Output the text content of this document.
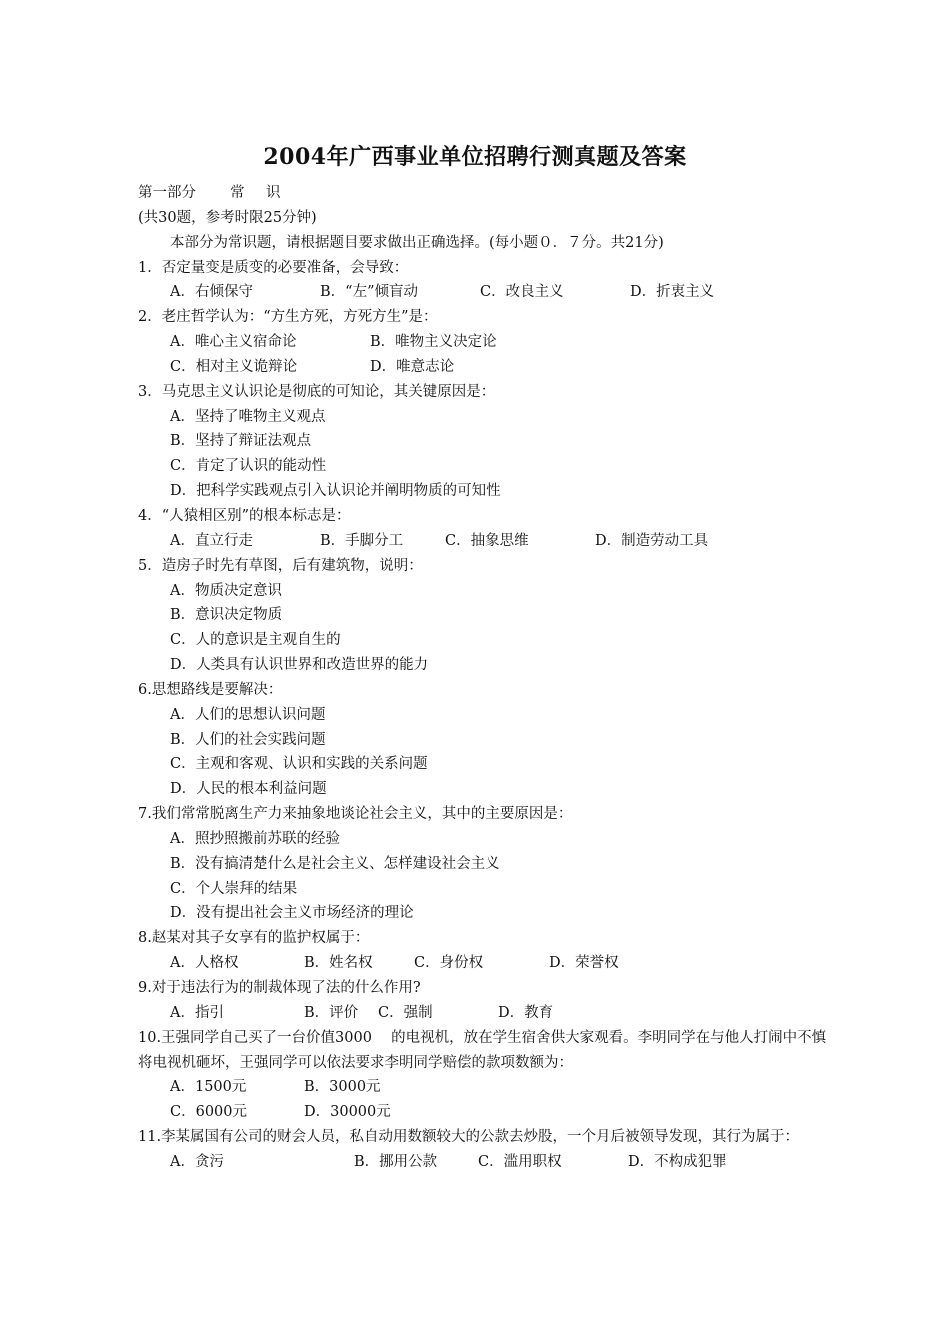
2004年广西事业单位招聘行测真题及答案
第一部分 常 识
(共30题，参考时限25分钟)
本部分为常识题，请根据题目要求做出正确选择。(每小题０．７分。共21分)
1．否定量变是质变的必要准备，会导致：
A．右倾保守	B．“左”倾盲动	C．改良主义	D．折衷主义
2．老庄哲学认为：“方生方死，方死方生”是：
A．唯心主义宿命论	B．唯物主义决定论
C．相对主义诡辩论	D．唯意志论
3．马克思主义认识论是彻底的可知论，其关键原因是：
A．坚持了唯物主义观点
B．坚持了辩证法观点
C．肯定了认识的能动性
D．把科学实践观点引入认识论并阐明物质的可知性
4．“人猿相区别”的根本标志是：
A．直立行走	B．手脚分工	C．抽象思维	D．制造劳动工具
5．造房子时先有草图，后有建筑物，说明：
A．物质决定意识
B．意识决定物质
C．人的意识是主观自生的
D．人类具有认识世界和改造世界的能力
6.思想路线是要解决：
A．人们的思想认识问题
B．人们的社会实践问题
C．主观和客观、认识和实践的关系问题
D．人民的根本利益问题
7.我们常常脱离生产力来抽象地谈论社会主义，其中的主要原因是：
A．照抄照搬前苏联的经验
B．没有搞清楚什么是社会主义、怎样建设社会主义
C．个人崇拜的结果
D．没有提出社会主义市场经济的理论
8.赵某对其子女享有的监护权属于：
A．人格权	B．姓名权	C．身份权	D．荣誉权
9.对于违法行为的制裁体现了法的什么作用?
A．指引	B．评价 C．强制	D．教育
10.王强同学自己买了一台价值3000　 的电视机，放在学生宿舍供大家观看。李明同学在与他人打闹中不慎将电视机砸坏，王强同学可以依法要求李明同学赔偿的款项数额为：
A．1500元	B．3000元
C．6000元	D．30000元
11.李某属国有公司的财会人员，私自动用数额较大的公款去炒股，一个月后被领导发现，其行为属于：
A．贪污	B．挪用公款	C．滥用职权	D．不构成犯罪
